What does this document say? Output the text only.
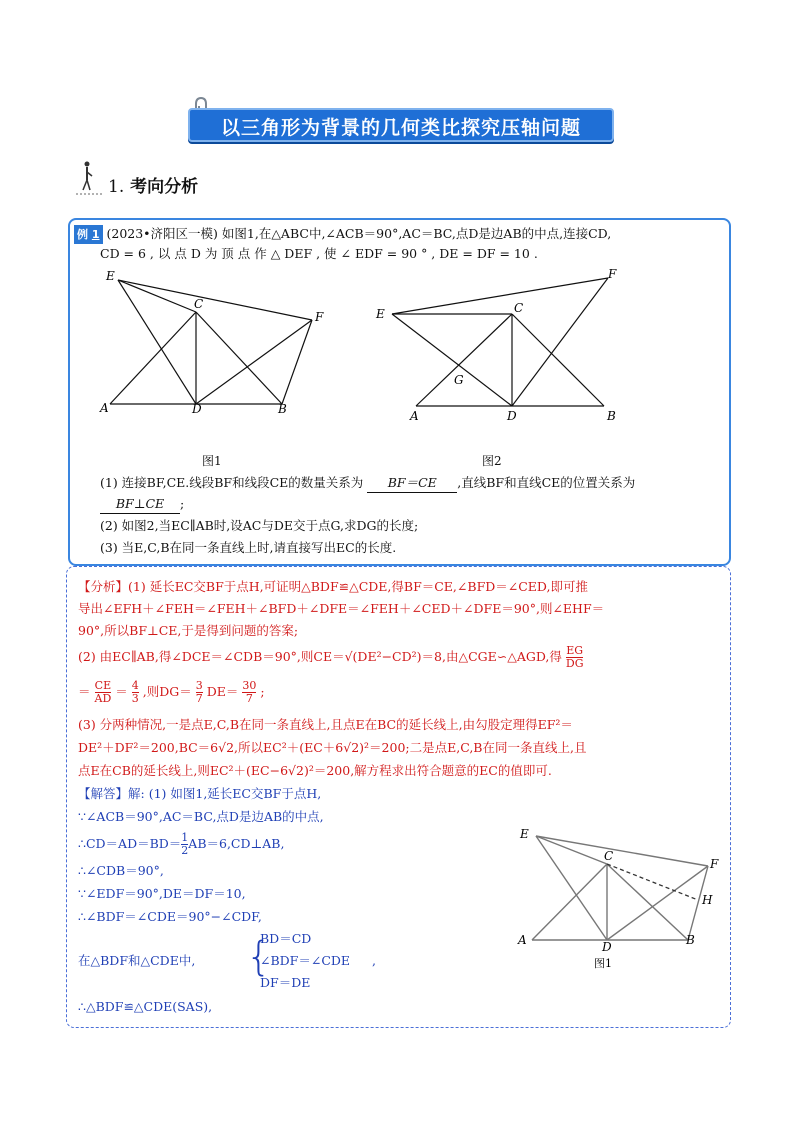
以三角形为背景的几何类比探究压轴问题
1. 考向分析
例 1 (2023•济阳区一模) 如图1,在△ABC中,∠ACB＝90°,AC＝BC,点D是边AB的中点,连接CD,
CD = 6 , 以 点 D 为 顶 点 作 △ DEF , 使 ∠ EDF = 90 ° , DE = DF = 10 .
E
C
F
A	D	B
图1
E	C
F
G
A	D	B
图2
(1) 连接BF,CE.线段BF和线段CE的数量关系为 BF＝CE ,直线BF和直线CE的位置关系为
BF⊥CE ;
(2) 如图2,当EC∥AB时,设AC与DE交于点G,求DG的长度;
(3) 当E,C,B在同一条直线上时,请直接写出EC的长度.
【分析】(1) 延长EC交BF于点H,可证明△BDF≌△CDE,得BF＝CE,∠BFD＝∠CED,即可推
导出∠EFH＋∠FEH＝∠FEH＋∠BFD＋∠DFE＝∠FEH＋∠CED＋∠DFE＝90°,则∠EHF＝
90°,所以BF⊥CE,于是得到问题的答案;
(2) 由EC∥AB,得∠DCE＝∠CDB＝90°,则CE＝√(DE²−CD²)＝8,由△CGE∽△AGD,得 $\frac{EG}{DG}$
＝ $\frac{CE}{AD} = \frac{4}{3}$ ,则$DG= \frac{3}{7} DE= \frac{30}{7}$ ;
(3) 分两种情况,一是点E,C,B在同一条直线上,且点E在BC的延长线上,由勾股定理得EF²＝
DE²＋DF²＝200,BC＝6√2,所以EC²＋(EC＋6√2)²＝200;二是点E,C,B在同一条直线上,且
点E在CB的延长线上,则EC²＋(EC−6√2)²＝200,解方程求出符合题意的EC的值即可.
【解答】解: (1) 如图1,延长EC交BF于点H,
∵∠ACB＝90°,AC＝BC,点D是边AB的中点,
∴CD＝AD＝BD＝ $\frac{1}{2}$ AB＝6,CD⊥AB,
∴∠CDB＝90°,
∵∠EDF＝90°,DE＝DF＝10,
∴∠BDF＝∠CDE＝90°−∠CDF,
在△BDF和△CDE中, {
BD＝CD
∠BDF＝∠CDE
DF＝DE
,
∴△BDF≌△CDE(SAS),
E
C
F
H
A	D	B
图1
